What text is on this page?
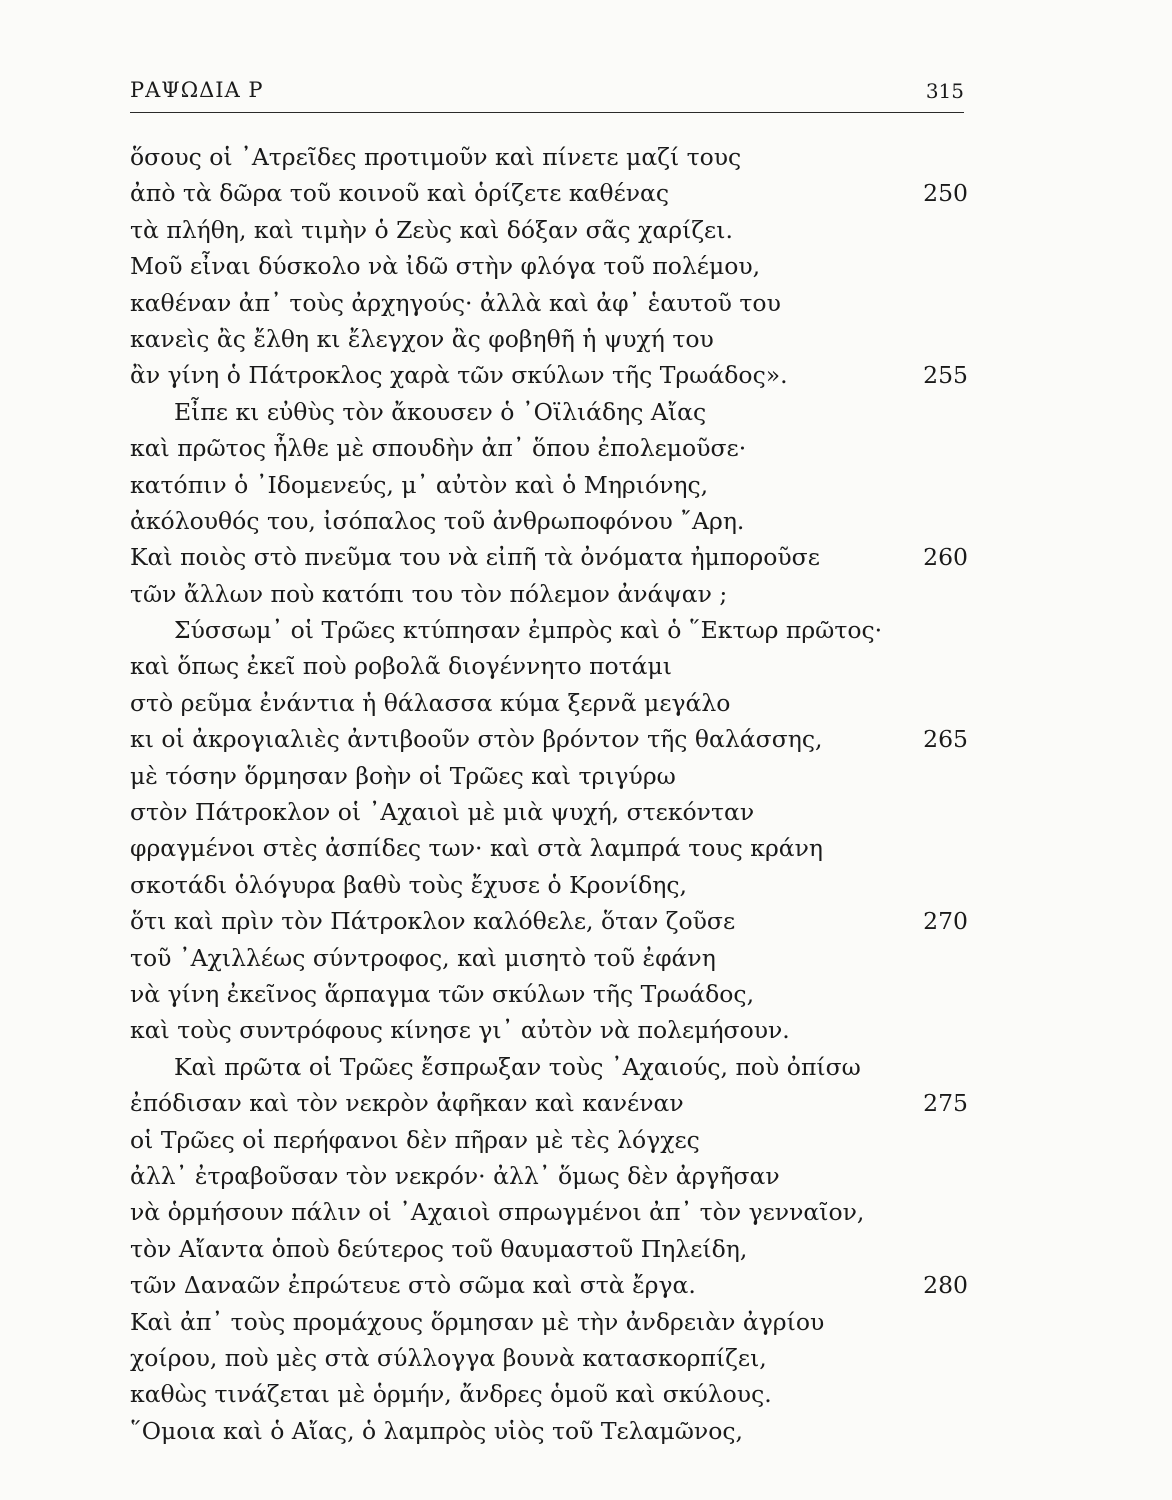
ΡΑΨΩΔΙΑ Ρ	315
ὅσους οἱ ᾿Ατρεῖδες προτιμοῦν καὶ πίνετε μαζί τους
ἀπὸ τὰ δῶρα τοῦ κοινοῦ καὶ ὁρίζετε καθένας	250
τὰ πλήθη, καὶ τιμὴν ὁ Ζεὺς καὶ δόξαν σᾶς χαρίζει.
Μοῦ εἶναι δύσκολο νὰ ἰδῶ στὴν φλόγα τοῦ πολέμου,
καθέναν ἀπ᾿ τοὺς ἀρχηγούς· ἀλλὰ καὶ ἀφ᾿ ἑαυτοῦ του
κανεὶς ἂς ἔλθη κι ἔλεγχον ἂς φοβηθῆ ἡ ψυχή του
ἂν γίνη ὁ Πάτροκλος χαρὰ τῶν σκύλων τῆς Τρωάδος».	255
Εἶπε κι εὐθὺς τὸν ἄκουσεν ὁ ᾿Οϊλιάδης Αἴας
καὶ πρῶτος ἦλθε μὲ σπουδὴν ἀπ᾿ ὅπου ἐπολεμοῦσε·
κατόπιν ὁ ᾿Ιδομενεύς, μ᾿ αὐτὸν καὶ ὁ Μηριόνης,
ἀκόλουθός του, ἰσόπαλος τοῦ ἀνθρωποφόνου ῎Αρη.
Καὶ ποιὸς στὸ πνεῦμα του νὰ εἰπῆ τὰ ὀνόματα ἠμποροῦσε	260
τῶν ἄλλων ποὺ κατόπι του τὸν πόλεμον ἀνάψαν ;
Σύσσωμ᾿ οἱ Τρῶες κτύπησαν ἐμπρὸς καὶ ὁ ῞Εκτωρ πρῶτος·
καὶ ὅπως ἐκεῖ ποὺ ροβολᾶ διογέννητο ποτάμι
στὸ ρεῦμα ἐνάντια ἡ θάλασσα κύμα ξερνᾶ μεγάλο
κι οἱ ἀκρογιαλιὲς ἀντιβοοῦν στὸν βρόντον τῆς θαλάσσης,	265
μὲ τόσην ὅρμησαν βοὴν οἱ Τρῶες καὶ τριγύρω
στὸν Πάτροκλον οἱ ᾿Αχαιοὶ μὲ μιὰ ψυχή, στεκόνταν
φραγμένοι στὲς ἀσπίδες των· καὶ στὰ λαμπρά τους κράνη
σκοτάδι ὁλόγυρα βαθὺ τοὺς ἔχυσε ὁ Κρονίδης,
ὅτι καὶ πρὶν τὸν Πάτροκλον καλόθελε, ὅταν ζοῦσε	270
τοῦ ᾿Αχιλλέως σύντροφος, καὶ μισητὸ τοῦ ἐφάνη
νὰ γίνη ἐκεῖνος ἅρπαγμα τῶν σκύλων τῆς Τρωάδος,
καὶ τοὺς συντρόφους κίνησε γι᾿ αὐτὸν νὰ πολεμήσουν.
Καὶ πρῶτα οἱ Τρῶες ἔσπρωξαν τοὺς ᾿Αχαιούς, ποὺ ὀπίσω
ἐπόδισαν καὶ τὸν νεκρὸν ἀφῆκαν καὶ κανέναν	275
οἱ Τρῶες οἱ περήφανοι δὲν πῆραν μὲ τὲς λόγχες
ἀλλ᾿ ἐτραβοῦσαν τὸν νεκρόν· ἀλλ᾿ ὅμως δὲν ἀργῆσαν
νὰ ὁρμήσουν πάλιν οἱ ᾿Αχαιοὶ σπρωγμένοι ἀπ᾿ τὸν γενναῖον,
τὸν Αἴαντα ὁποὺ δεύτερος τοῦ θαυμαστοῦ Πηλείδη,
τῶν Δαναῶν ἐπρώτευε στὸ σῶμα καὶ στὰ ἔργα.	280
Καὶ ἀπ᾿ τοὺς προμάχους ὅρμησαν μὲ τὴν ἀνδρειὰν ἀγρίου
χοίρου, ποὺ μὲς στὰ σύλλογγα βουνὰ κατασκορπίζει,
καθὼς τινάζεται μὲ ὁρμήν, ἄνδρες ὁμοῦ καὶ σκύλους.
῞Ομοια καὶ ὁ Αἴας, ὁ λαμπρὸς υἱὸς τοῦ Τελαμῶνος,
